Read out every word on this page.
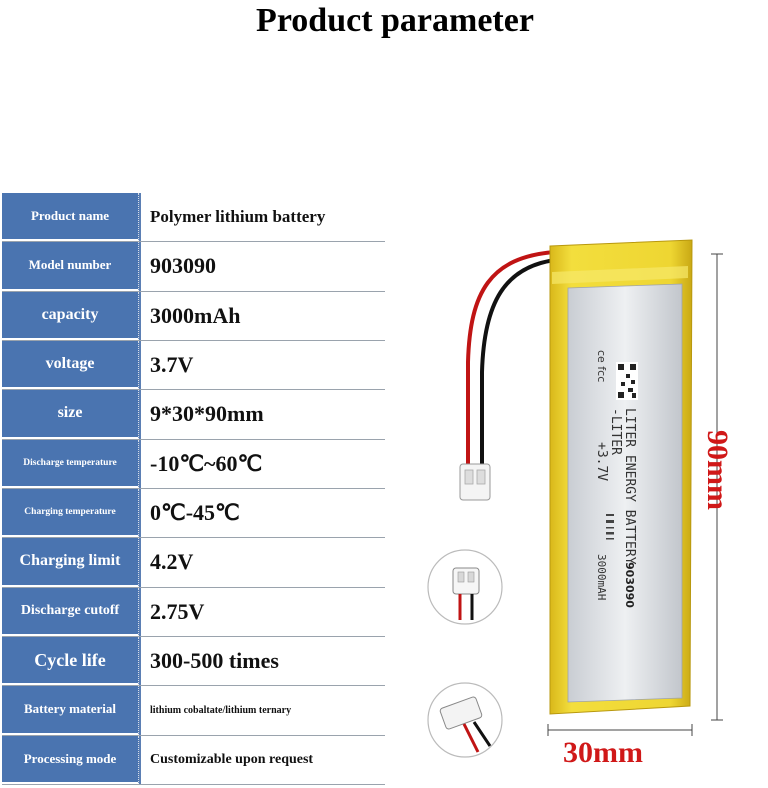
Product parameter
Product name	Polymer lithium battery
Model number	903090
capacity	3000mAh
voltage	3.7V
size	9*30*90mm
Discharge temperature	-10℃~60℃
Charging temperature	0℃-45℃
Charging limit	4.2V
Discharge cutoff	2.75V
Cycle life	300-500 times
Battery material	lithium cobaltate/lithium ternary
Processing mode	Customizable upon request
ce fcc
+3.7V
-LITER LITER ENERGY BATTERY
903090
3000mAH
90mm
30mm
